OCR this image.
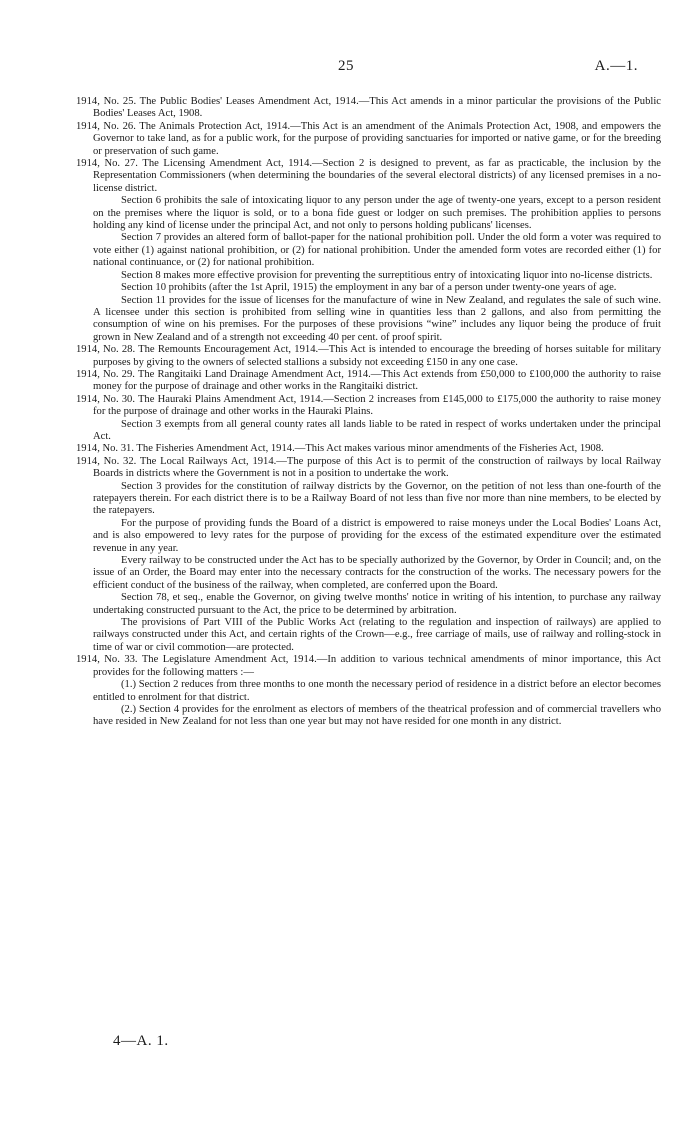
25	A.—1.

1914, No. 25. The Public Bodies' Leases Amendment Act, 1914.—This Act amends in a minor particular the provisions of the Public Bodies' Leases Act, 1908.

1914, No. 26. The Animals Protection Act, 1914.—This Act is an amendment of the Animals Protection Act, 1908, and empowers the Governor to take land, as for a public work, for the purpose of providing sanctuaries for imported or native game, or for the breeding or preservation of such game.

1914, No. 27. The Licensing Amendment Act, 1914.—Section 2 is designed to prevent, as far as practicable, the inclusion by the Representation Commissioners (when determining the boundaries of the several electoral districts) of any licensed premises in a no-license district.

Section 6 prohibits the sale of intoxicating liquor to any person under the age of twenty-one years, except to a person resident on the premises where the liquor is sold, or to a bona fide guest or lodger on such premises. The prohibition applies to persons holding any kind of license under the principal Act, and not only to persons holding publicans' licenses.

Section 7 provides an altered form of ballot-paper for the national prohibition poll. Under the old form a voter was required to vote either (1) against national prohibition, or (2) for national prohibition. Under the amended form votes are recorded either (1) for national continuance, or (2) for national prohibition.

Section 8 makes more effective provision for preventing the surreptitious entry of intoxicating liquor into no-license districts.

Section 10 prohibits (after the 1st April, 1915) the employment in any bar of a person under twenty-one years of age.

Section 11 provides for the issue of licenses for the manufacture of wine in New Zealand, and regulates the sale of such wine. A licensee under this section is prohibited from selling wine in quantities less than 2 gallons, and also from permitting the consumption of wine on his premises. For the purposes of these provisions “wine” includes any liquor being the produce of fruit grown in New Zealand and of a strength not exceeding 40 per cent. of proof spirit.

1914, No. 28. The Remounts Encouragement Act, 1914.—This Act is intended to encourage the breeding of horses suitable for military purposes by giving to the owners of selected stallions a subsidy not exceeding £150 in any one case.

1914, No. 29. The Rangitaiki Land Drainage Amendment Act, 1914.—This Act extends from £50,000 to £100,000 the authority to raise money for the purpose of drainage and other works in the Rangitaiki district.

1914, No. 30. The Hauraki Plains Amendment Act, 1914.—Section 2 increases from £145,000 to £175,000 the authority to raise money for the purpose of drainage and other works in the Hauraki Plains.

Section 3 exempts from all general county rates all lands liable to be rated in respect of works undertaken under the principal Act.

1914, No. 31. The Fisheries Amendment Act, 1914.—This Act makes various minor amendments of the Fisheries Act, 1908.

1914, No. 32. The Local Railways Act, 1914.—The purpose of this Act is to permit of the construction of railways by local Railway Boards in districts where the Government is not in a position to undertake the work.

Section 3 provides for the constitution of railway districts by the Governor, on the petition of not less than one-fourth of the ratepayers therein. For each district there is to be a Railway Board of not less than five nor more than nine members, to be elected by the ratepayers.

For the purpose of providing funds the Board of a district is empowered to raise moneys under the Local Bodies' Loans Act, and is also empowered to levy rates for the purpose of providing for the excess of the estimated expenditure over the estimated revenue in any year.

Every railway to be constructed under the Act has to be specially authorized by the Governor, by Order in Council; and, on the issue of an Order, the Board may enter into the necessary contracts for the construction of the works. The necessary powers for the efficient conduct of the business of the railway, when completed, are conferred upon the Board.

Section 78, et seq., enable the Governor, on giving twelve months' notice in writing of his intention, to purchase any railway undertaking constructed pursuant to the Act, the price to be determined by arbitration.

The provisions of Part VIII of the Public Works Act (relating to the regulation and inspection of railways) are applied to railways constructed under this Act, and certain rights of the Crown—e.g., free carriage of mails, use of railway and rolling-stock in time of war or civil commotion—are protected.

1914, No. 33. The Legislature Amendment Act, 1914.—In addition to various technical amendments of minor importance, this Act provides for the following matters :—

(1.) Section 2 reduces from three months to one month the necessary period of residence in a district before an elector becomes entitled to enrolment for that district.

(2.) Section 4 provides for the enrolment as electors of members of the theatrical profession and of commercial travellers who have resided in New Zealand for not less than one year but may not have resided for one month in any district.

4—A. 1.
